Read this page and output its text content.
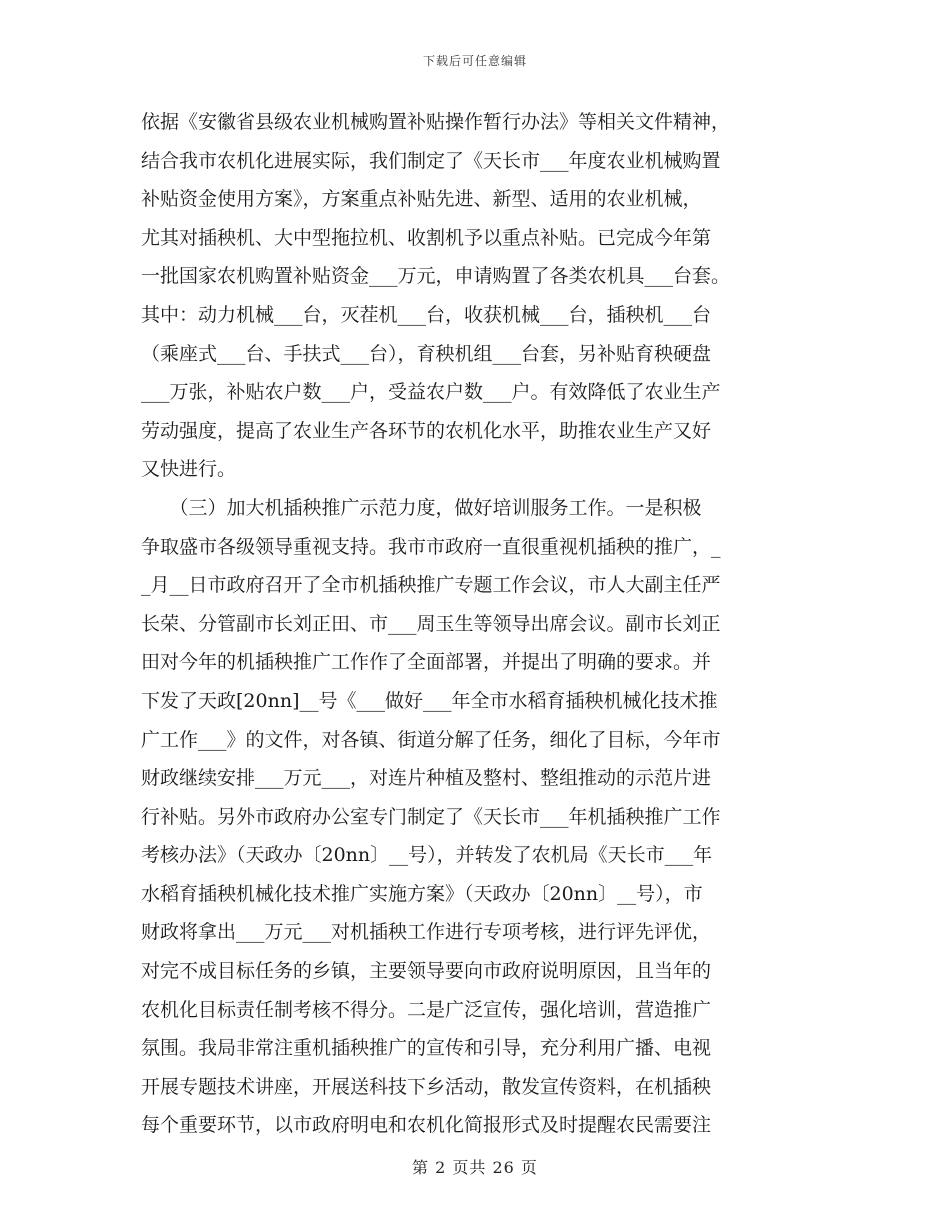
下载后可任意编辑
依据《安徽省县级农业机械购置补贴操作暂行办法》等相关文件精神，
结合我市农机化进展实际，我们制定了《天长市___年度农业机械购置
补贴资金使用方案》，方案重点补贴先进、新型、适用的农业机械，
尤其对插秧机、大中型拖拉机、收割机予以重点补贴。已完成今年第
一批国家农机购置补贴资金___万元，申请购置了各类农机具___台套。
其中：动力机械___台，灭茬机___台，收获机械___台，插秧机___台
（乘座式___台、手扶式___台），育秧机组___台套，另补贴育秧硬盘
___万张，补贴农户数___户，受益农户数___户。有效降低了农业生产
劳动强度，提高了农业生产各环节的农机化水平，助推农业生产又好
又快进行。
　　（三）加大机插秧推广示范力度，做好培训服务工作。一是积极
争取盛市各级领导重视支持。我市市政府一直很重视机插秧的推广，_
_月__日市政府召开了全市机插秧推广专题工作会议，市人大副主任严
长荣、分管副市长刘正田、市___周玉生等领导出席会议。副市长刘正
田对今年的机插秧推广工作作了全面部署，并提出了明确的要求。并
下发了天政[20nn]__号《___做好___年全市水稻育插秧机械化技术推
广工作___》的文件，对各镇、街道分解了任务，细化了目标，今年市
财政继续安排___万元___，对连片种植及整村、整组推动的示范片进
行补贴。另外市政府办公室专门制定了《天长市___年机插秧推广工作
考核办法》（天政办〔20nn〕__号），并转发了农机局《天长市___年
水稻育插秧机械化技术推广实施方案》（天政办〔20nn〕__号），市
财政将拿出___万元___对机插秧工作进行专项考核，进行评先评优，
对完不成目标任务的乡镇，主要领导要向市政府说明原因，且当年的
农机化目标责任制考核不得分。二是广泛宣传，强化培训，营造推广
氛围。我局非常注重机插秧推广的宣传和引导，充分利用广播、电视
开展专题技术讲座，开展送科技下乡活动，散发宣传资料，在机插秧
每个重要环节，以市政府明电和农机化简报形式及时提醒农民需要注
第 2 页共 26 页
